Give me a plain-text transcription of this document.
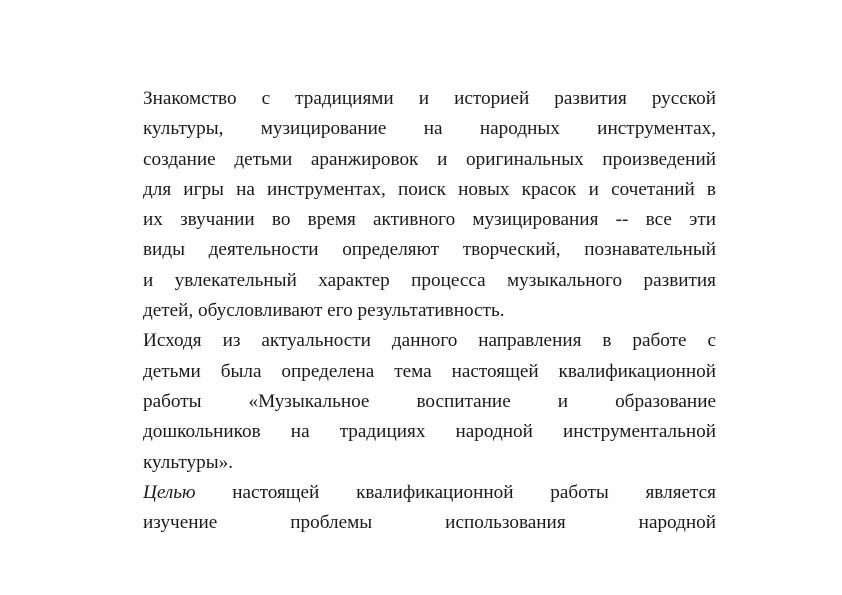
Знакомство с традициями и историей развития русской
культуры, музицирование на народных инструментах,
создание детьми аранжировок и оригинальных произведений
для игры на инструментах, поиск новых красок и сочетаний в
их звучании во время активного музицирования -- все эти
виды деятельности определяют творческий, познавательный
и увлекательный характер процесса музыкального развития
детей, обусловливают его результативность.
Исходя из актуальности данного направления в работе с
детьми была определена тема настоящей квалификационной
работы «Музыкальное воспитание и образование
дошкольников на традициях народной инструментальной
культуры».
Целью настоящей квалификационной работы является
изучение проблемы использования народной
